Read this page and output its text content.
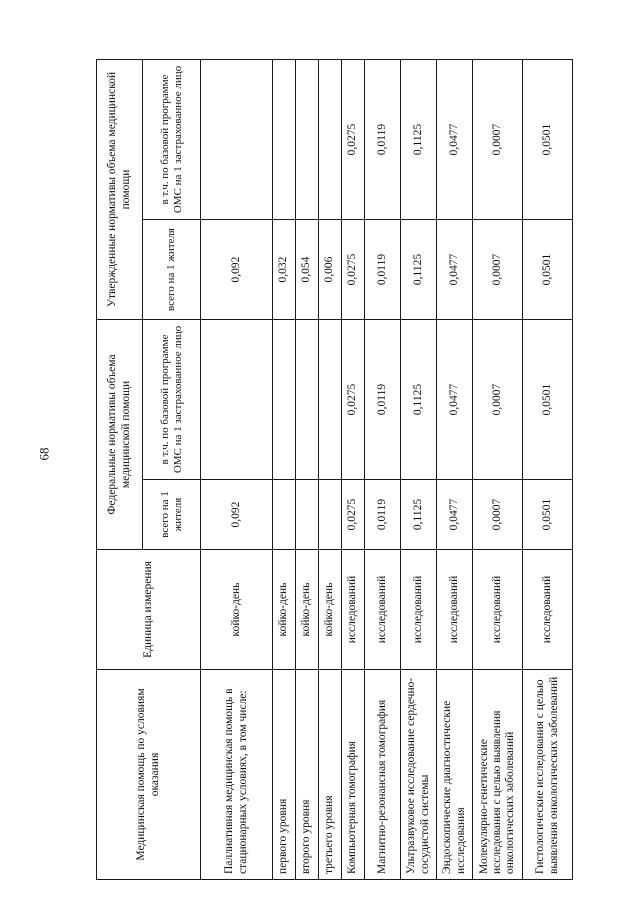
68
Медицинская помощь по условиям оказания	Единица измерения	Федеральные нормативы объема медицинской помощи		Утвержденные нормативы объема медицинской помощи	
		всего на 1 жителя	в т.ч. по базовой программе ОМС на 1 застрахованное лицо	всего на 1 жителя	в т.ч. по базовой программе ОМС на 1 застрахованное лицо
Паллиативная медицинская помощь в стационарных условиях, в том числе:	койко-день	0,092		0,092	
первого уровня	койко-день			0,032	
второго уровня	койко-день			0,054	
третьего уровня	койко-день			0,006	
Компьютерная томография	исследований	0,0275	0,0275	0,0275	0,0275
Магнитно-резонансная томография	исследований	0,0119	0,0119	0,0119	0,0119
Ультразвуковое исследование сердечно-сосудистой системы	исследований	0,1125	0,1125	0,1125	0,1125
Эндоскопические диагностические исследования	исследований	0,0477	0,0477	0,0477	0,0477
Молекулярно-генетические исследования с целью выявления онкологических заболеваний	исследований	0,0007	0,0007	0,0007	0,0007
Гистологические исследования с целью выявления онкологических заболеваний	исследований	0,0501	0,0501	0,0501	0,0501
